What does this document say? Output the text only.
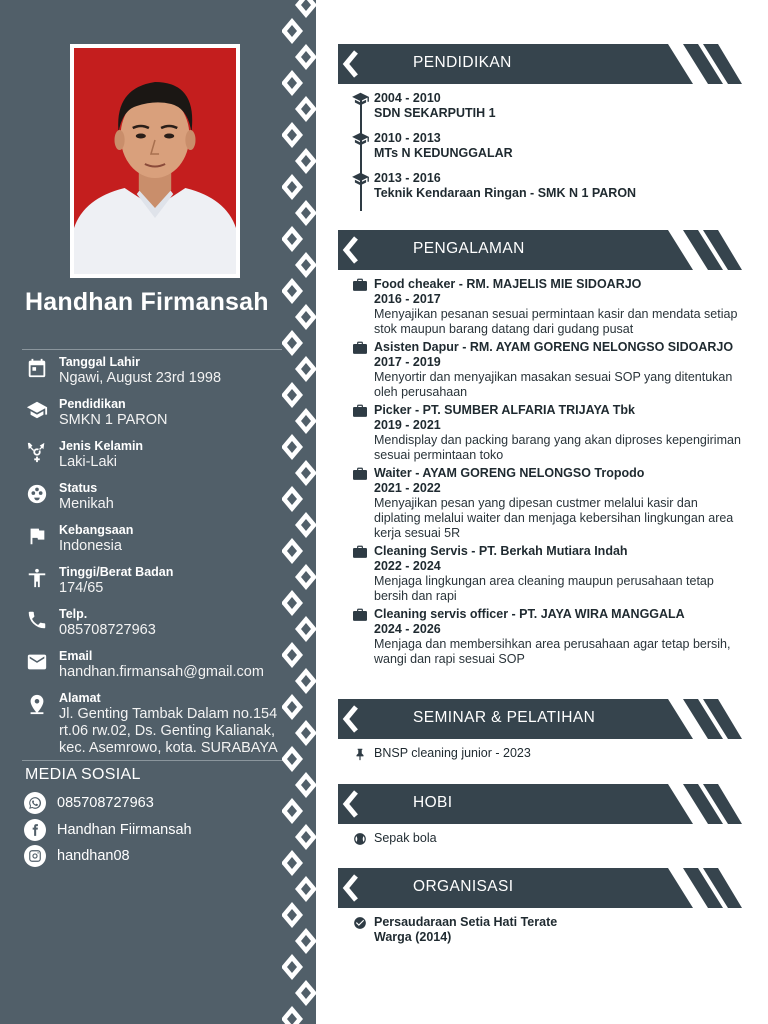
Handhan Firmansah
Tanggal Lahir
Ngawi, August 23rd 1998
Pendidikan
SMKN 1 PARON
Jenis Kelamin
Laki-Laki
Status
Menikah
Kebangsaan
Indonesia
Tinggi/Berat Badan
174/65
Telp.
085708727963
Email
handhan.firmansah@gmail.com
Alamat
Jl. Genting Tambak Dalam no.154 rt.06 rw.02, Ds. Genting Kalianak, kec. Asemrowo, kota. SURABAYA
MEDIA SOSIAL
085708727963
Handhan Fiirmansah
handhan08
PENDIDIKAN
PENGALAMAN
SEMINAR & PELATIHAN
HOBI
ORGANISASI
2004 - 2010
SDN SEKARPUTIH 1
2010 - 2013
MTs N KEDUNGGALAR
2013 - 2016
Teknik Kendaraan Ringan - SMK N 1 PARON
Food cheaker - RM. MAJELIS MIE SIDOARJO
2016 - 2017
Menyajikan pesanan sesuai permintaan kasir dan mendata setiap stok maupun barang datang dari gudang pusat
Asisten Dapur - RM. AYAM GORENG NELONGSO SIDOARJO
2017 - 2019
Menyortir dan menyajikan masakan sesuai SOP yang ditentukan oleh perusahaan
Picker - PT. SUMBER ALFARIA TRIJAYA Tbk
2019 - 2021
Mendisplay dan packing barang yang akan diproses kepengiriman sesuai permintaan toko
Waiter - AYAM GORENG NELONGSO Tropodo
2021 - 2022
Menyajikan pesan yang dipesan custmer melalui kasir dan diplating melalui waiter dan menjaga kebersihan lingkungan area kerja sesuai 5R
Cleaning Servis - PT. Berkah Mutiara Indah
2022 - 2024
Menjaga lingkungan area cleaning maupun perusahaan tetap bersih dan rapi
Cleaning servis officer - PT. JAYA WIRA MANGGALA
2024 - 2026
Menjaga dan membersihkan area perusahaan agar tetap bersih, wangi dan rapi sesuai SOP
BNSP cleaning junior - 2023
Sepak bola
Persaudaraan Setia Hati Terate
Warga (2014)
